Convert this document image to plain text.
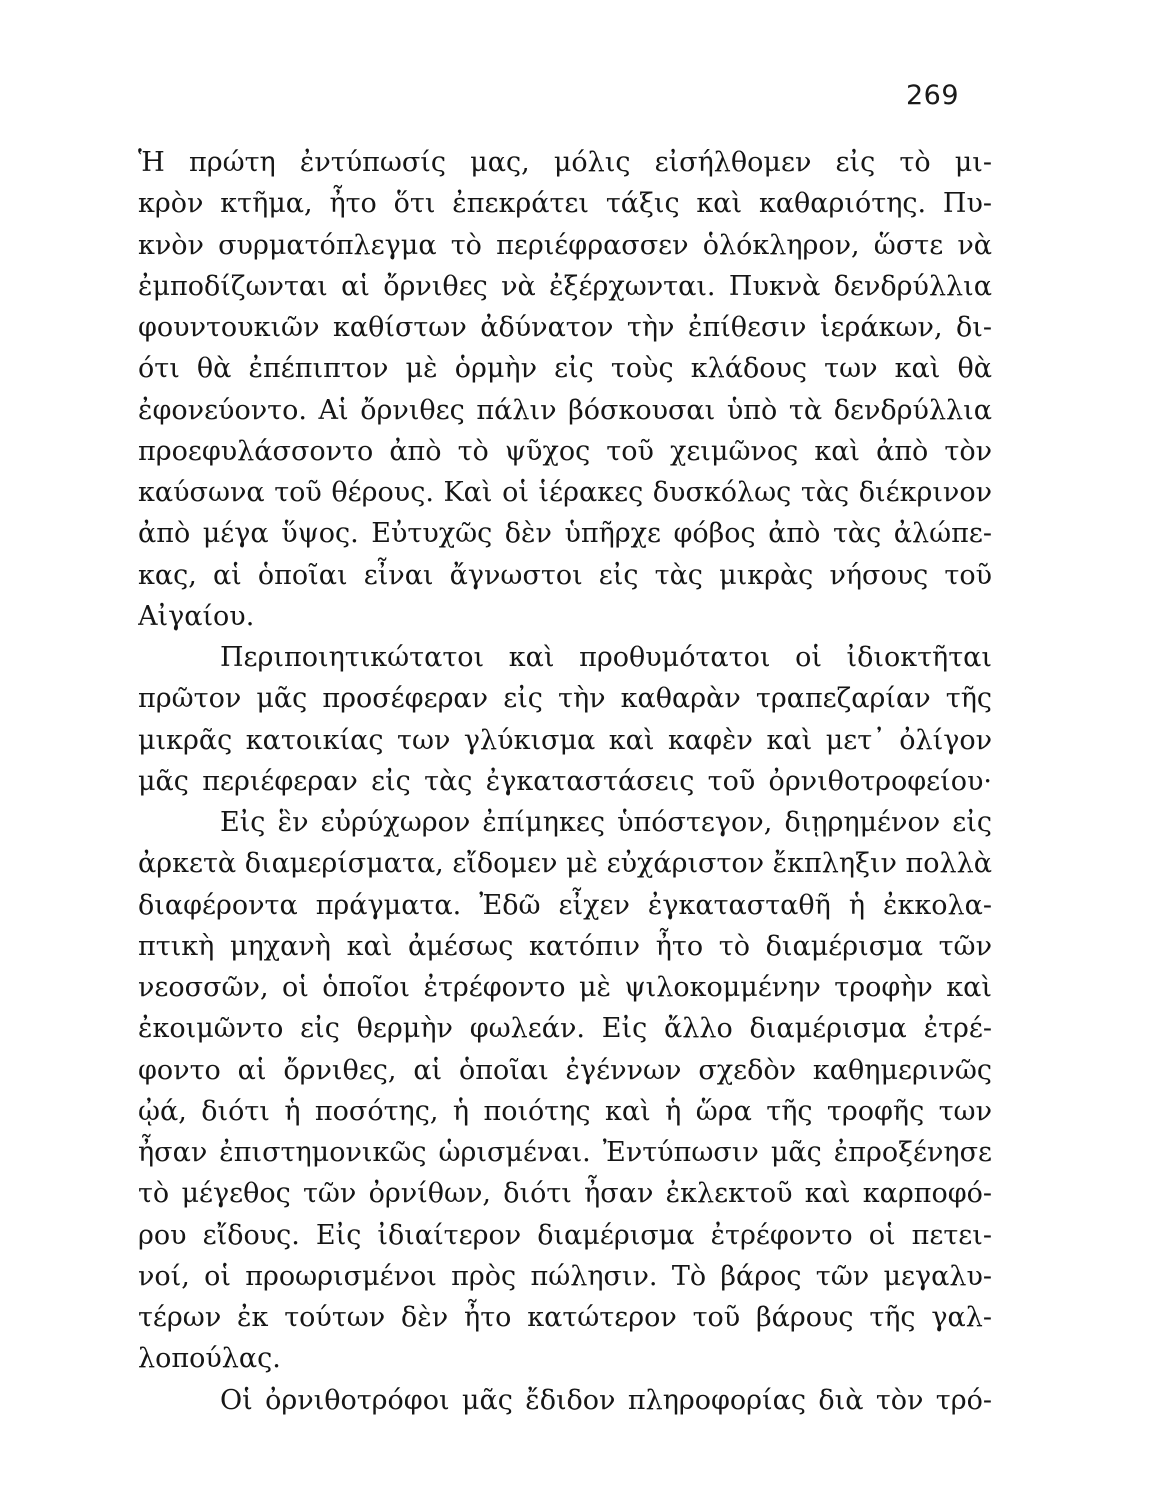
269
Ἡ πρώτη ἐντύπωσίς μας, μόλις εἰσήλθομεν εἰς τὸ μι-
κρὸν κτῆμα, ἦτο ὅτι ἐπεκράτει τάξις καὶ καθαριότης. Πυ-
κνὸν συρματόπλεγμα τὸ περιέφρασσεν ὁλόκληρον, ὥστε νὰ
ἐμποδίζωνται αἱ ὄρνιθες νὰ ἐξέρχωνται. Πυκνὰ δενδρύλλια
φουντουκιῶν καθίστων ἀδύνατον τὴν ἐπίθεσιν ἱεράκων, δι-
ότι θὰ ἐπέπιπτον μὲ ὁρμὴν εἰς τοὺς κλάδους των καὶ θὰ
ἐφονεύοντο. Αἱ ὄρνιθες πάλιν βόσκουσαι ὑπὸ τὰ δενδρύλλια
προεφυλάσσοντο ἀπὸ τὸ ψῦχος τοῦ χειμῶνος καὶ ἀπὸ τὸν
καύσωνα τοῦ θέρους. Καὶ οἱ ἱέρακες δυσκόλως τὰς διέκρινον
ἀπὸ μέγα ὕψος. Εὐτυχῶς δὲν ὑπῆρχε φόβος ἀπὸ τὰς ἀλώπε-
κας, αἱ ὁποῖαι εἶναι ἄγνωστοι εἰς τὰς μικρὰς νήσους τοῦ
Αἰγαίου.
Περιποιητικώτατοι καὶ προθυμότατοι οἱ ἰδιοκτῆται
πρῶτον μᾶς προσέφεραν εἰς τὴν καθαρὰν τραπεζαρίαν τῆς
μικρᾶς κατοικίας των γλύκισμα καὶ καφὲν καὶ μετ᾽ ὀλίγον
μᾶς περιέφεραν εἰς τὰς ἐγκαταστάσεις τοῦ ὀρνιθοτροφείου·
Εἰς ἓν εὐρύχωρον ἐπίμηκες ὑπόστεγον, διῃρημένον εἰς
ἀρκετὰ διαμερίσματα, εἴδομεν μὲ εὐχάριστον ἔκπληξιν πολλὰ
διαφέροντα πράγματα. Ἐδῶ εἶχεν ἐγκατασταθῆ ἡ ἐκκολα-
πτικὴ μηχανὴ καὶ ἀμέσως κατόπιν ἦτο τὸ διαμέρισμα τῶν
νεοσσῶν, οἱ ὁποῖοι ἐτρέφοντο μὲ ψιλοκομμένην τροφὴν καὶ
ἐκοιμῶντο εἰς θερμὴν φωλεάν. Εἰς ἄλλο διαμέρισμα ἐτρέ-
φοντο αἱ ὄρνιθες, αἱ ὁποῖαι ἐγέννων σχεδὸν καθημερινῶς
ᾠά, διότι ἡ ποσότης, ἡ ποιότης καὶ ἡ ὥρα τῆς τροφῆς των
ἦσαν ἐπιστημονικῶς ὡρισμέναι. Ἐντύπωσιν μᾶς ἐπροξένησε
τὸ μέγεθος τῶν ὀρνίθων, διότι ἦσαν ἐκλεκτοῦ καὶ καρποφό-
ρου εἴδους. Εἰς ἰδιαίτερον διαμέρισμα ἐτρέφοντο οἱ πετει-
νοί, οἱ προωρισμένοι πρὸς πώλησιν. Τὸ βάρος τῶν μεγαλυ-
τέρων ἐκ τούτων δὲν ἦτο κατώτερον τοῦ βάρους τῆς γαλ-
λοπούλας.
Οἱ ὀρνιθοτρόφοι μᾶς ἔδιδον πληροφορίας διὰ τὸν τρό-
